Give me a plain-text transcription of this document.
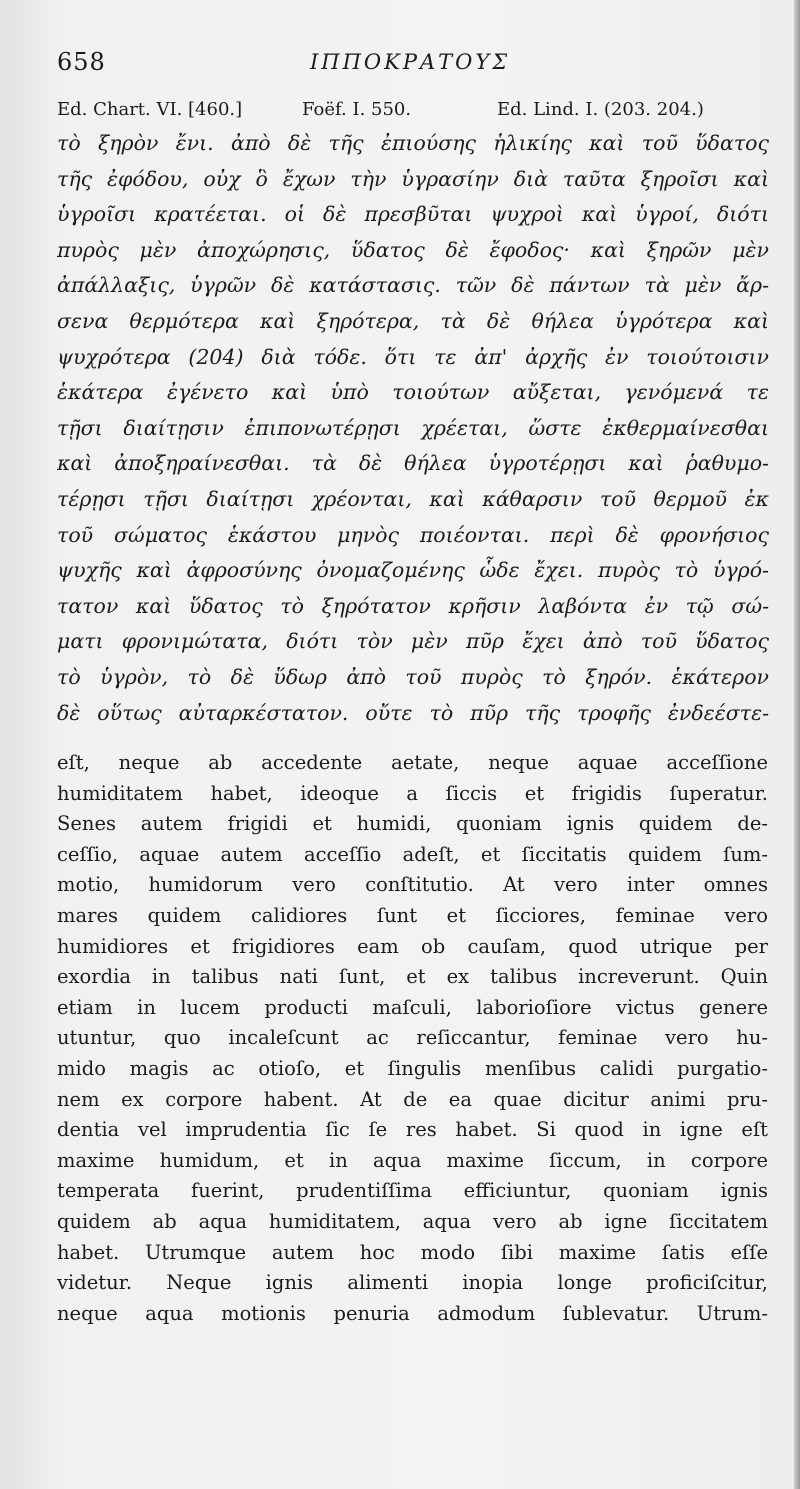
658	ΙΠΠΟΚΡΑΤΟΥΣ
Ed. Chart. VI. [460.]	Foëf. I. 550.	Ed. Lind. I. (203. 204.)
τὸ ξηρὸν ἔνι. ἀπὸ δὲ τῆς ἐπιούσης ἡλικίης καὶ τοῦ ὕδατος
τῆς ἐφόδου, οὐχ ὃ ἔχων τὴν ὑγρασίην διὰ ταῦτα ξηροῖσι καὶ
ὑγροῖσι κρατέεται. οἱ δὲ πρεσβῦται ψυχροὶ καὶ ὑγροί, διότι
πυρὸς μὲν ἀποχώρησις, ὕδατος δὲ ἔφοδος· καὶ ξηρῶν μὲν
ἀπάλλαξις, ὑγρῶν δὲ κατάστασις. τῶν δὲ πάντων τὰ μὲν ἄρ-
σενα θερμότερα καὶ ξηρότερα, τὰ δὲ θήλεα ὑγρότερα καὶ
ψυχρότερα (204) διὰ τόδε. ὅτι τε ἀπ' ἀρχῆς ἐν τοιούτοισιν
ἑκάτερα ἐγένετο καὶ ὑπὸ τοιούτων αὔξεται, γενόμενά τε
τῇσι διαίτῃσιν ἐπιπονωτέρῃσι χρέεται, ὥστε ἐκθερμαίνεσθαι
καὶ ἀποξηραίνεσθαι. τὰ δὲ θήλεα ὑγροτέρῃσι καὶ ῥαθυμο-
τέρῃσι τῇσι διαίτῃσι χρέονται, καὶ κάθαρσιν τοῦ θερμοῦ ἐκ
τοῦ σώματος ἑκάστου μηνὸς ποιέονται. περὶ δὲ φρονήσιος
ψυχῆς καὶ ἀφροσύνης ὀνομαζομένης ὧδε ἔχει. πυρὸς τὸ ὑγρό-
τατον καὶ ὕδατος τὸ ξηρότατον κρῆσιν λαβόντα ἐν τῷ σώ-
ματι φρονιμώτατα, διότι τὸν μὲν πῦρ ἔχει ἀπὸ τοῦ ὕδατος
τὸ ὑγρὸν, τὸ δὲ ὕδωρ ἀπὸ τοῦ πυρὸς τὸ ξηρόν. ἑκάτερον
δὲ οὕτως αὐταρκέστατον. οὔτε τὸ πῦρ τῆς τροφῆς ἐνδεέστε-
eſt, neque ab accedente aetate, neque aquae acceſſione
humiditatem habet, ideoque a ſiccis et frigidis ſuperatur.
Senes autem frigidi et humidi, quoniam ignis quidem de-
ceſſio, aquae autem acceſſio adeſt, et ſiccitatis quidem ſum-
motio, humidorum vero conſtitutio. At vero inter omnes
mares quidem calidiores ſunt et ſicciores, feminae vero
humidiores et frigidiores eam ob cauſam, quod utrique per
exordia in talibus nati ſunt, et ex talibus increverunt. Quin
etiam in lucem producti maſculi, laborioſiore victus genere
utuntur, quo incaleſcunt ac reſiccantur, feminae vero hu-
mido magis ac otioſo, et ſingulis menſibus calidi purgatio-
nem ex corpore habent. At de ea quae dicitur animi pru-
dentia vel imprudentia ſic ſe res habet. Si quod in igne eſt
maxime humidum, et in aqua maxime ſiccum, in corpore
temperata fuerint, prudentiſſima efficiuntur, quoniam ignis
quidem ab aqua humiditatem, aqua vero ab igne ſiccitatem
habet. Utrumque autem hoc modo ſibi maxime ſatis eſſe
videtur. Neque ignis alimenti inopia longe proficiſcitur,
neque aqua motionis penuria admodum ſublevatur. Utrum-
